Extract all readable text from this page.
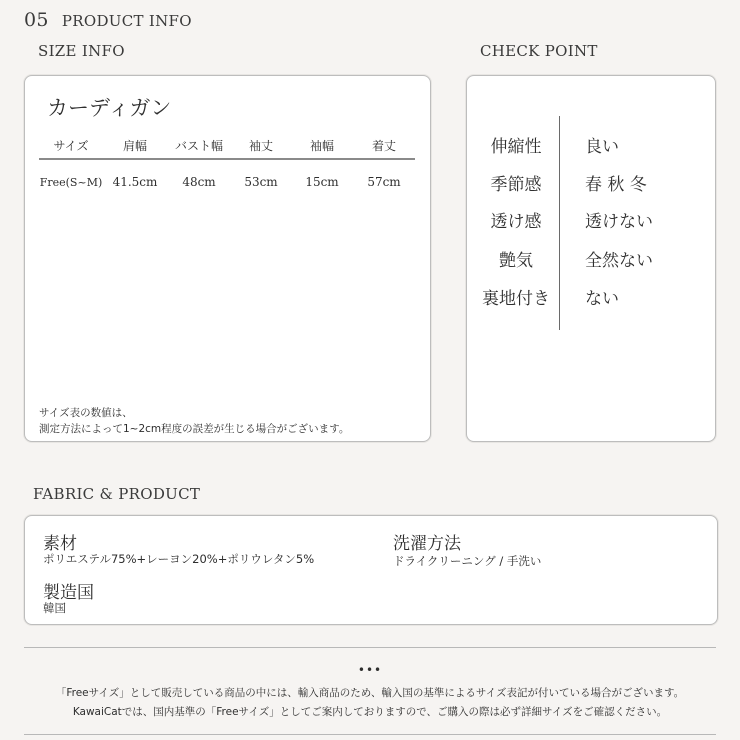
05 PRODUCT INFO
SIZE INFO
カーディガン
サイズ	肩幅	バスト幅	袖丈	袖幅	着丈
Free(S~M)	41.5cm	48cm	53cm	15cm	57cm
サイズ表の数値は、
測定方法によって1~2cm程度の誤差が生じる場合がございます。
CHECK POINT
伸縮性	良い
季節感	春 秋 冬
透け感	透けない
艶気	全然ない
裏地付き	ない
FABRIC & PRODUCT
素材
ポリエステル75%+レーヨン20%+ポリウレタン5%
洗濯方法
ドライクリーニング / 手洗い
製造国
韓国
•••
「Freeサイズ」として販売している商品の中には、輸入商品のため、輸入国の基準によるサイズ表記が付いている場合がございます。
KawaiCatでは、国内基準の「Freeサイズ」としてご案内しておりますので、ご購入の際は必ず詳細サイズをご確認ください。
